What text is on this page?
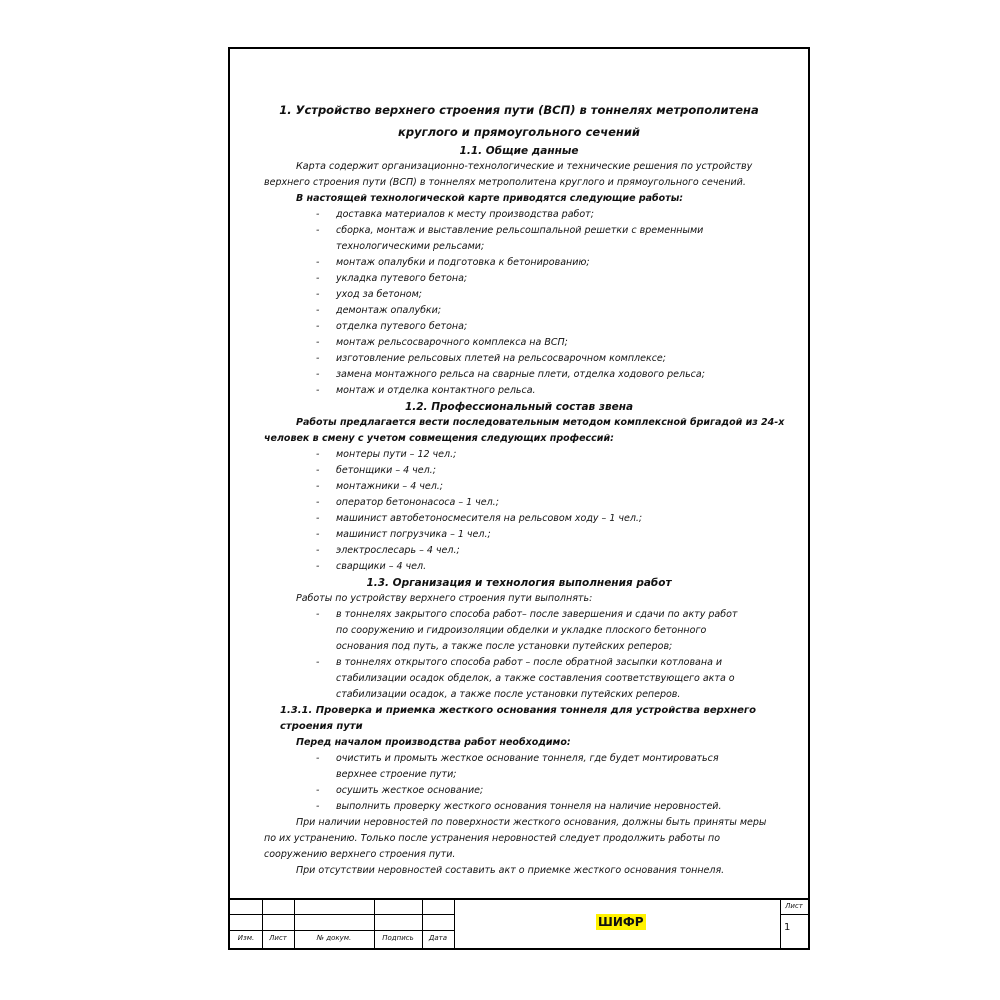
1. Устройство верхнего строения пути (ВСП) в тоннелях метрополитена круглого и прямоугольного сечений
1.1. Общие данные
Карта содержит организационно-технологические и технические решения по устройству верхнего строения пути (ВСП) в тоннелях метрополитена круглого и прямоугольного сечений.
В настоящей технологической карте приводятся следующие работы:
- доставка материалов к месту производства работ;
- сборка, монтаж и выставление рельсошпальной решетки с временными технологическими рельсами;
- монтаж опалубки и подготовка к бетонированию;
- укладка путевого бетона;
- уход за бетоном;
- демонтаж опалубки;
- отделка путевого бетона;
- монтаж рельсосварочного комплекса на ВСП;
- изготовление рельсовых плетей на рельсосварочном комплексе;
- замена монтажного рельса на сварные плети, отделка ходового рельса;
- монтаж и отделка контактного рельса.
1.2. Профессиональный состав звена
Работы предлагается вести последовательным методом комплексной бригадой из 24-х человек в смену с учетом совмещения следующих профессий:
- монтеры пути – 12 чел.;
- бетонщики – 4 чел.;
- монтажники – 4 чел.;
- оператор бетононасоса – 1 чел.;
- машинист автобетоносмесителя на рельсовом ходу – 1 чел.;
- машинист погрузчика – 1 чел.;
- электрослесарь – 4 чел.;
- сварщики – 4 чел.
1.3. Организация и технология выполнения работ
Работы по устройству верхнего строения пути выполнять:
- в тоннелях закрытого способа работ– после завершения и сдачи по акту работ по сооружению и гидроизоляции обделки и укладке плоского бетонного основания под путь, а также после установки путейских реперов;
- в тоннелях открытого способа работ – после обратной засыпки котлована и стабилизации осадок обделок, а также составления соответствующего акта о стабилизации осадок, а также после установки путейских реперов.
1.3.1. Проверка и приемка жесткого основания тоннеля для устройства верхнего строения пути
Перед началом производства работ необходимо:
- очистить и промыть жесткое основание тоннеля, где будет монтироваться верхнее строение пути;
- осушить жесткое основание;
- выполнить проверку жесткого основания тоннеля на наличие неровностей.
При наличии неровностей по поверхности жесткого основания, должны быть приняты меры по их устранению. Только после устранения неровностей следует продолжить работы по сооружению верхнего строения пути.
При отсутствии неровностей составить акт о приемке жесткого основания тоннеля.
Изм.	Лист	№ докум.	Подпись	Дата
ШИФР
Лист
1
